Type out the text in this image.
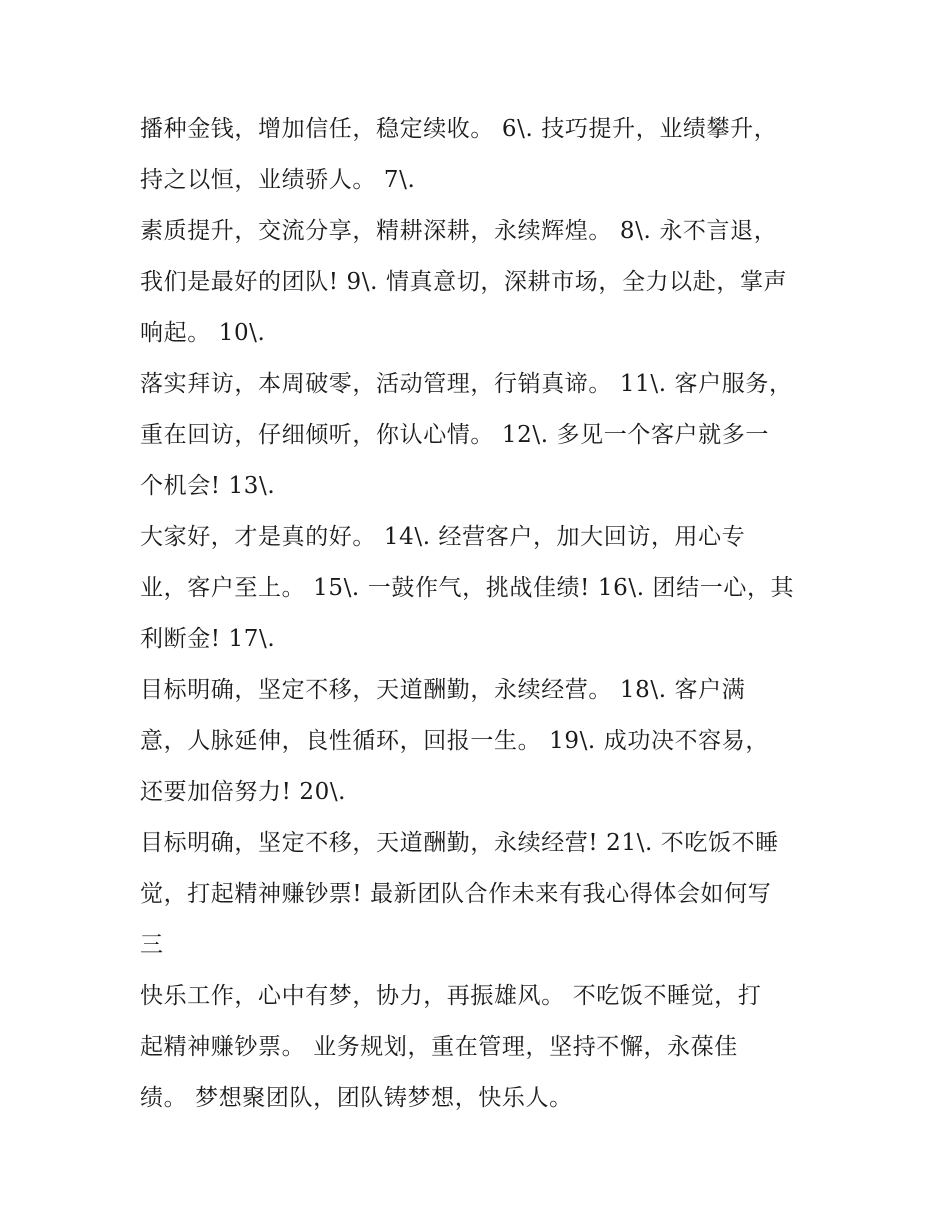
播种金钱，增加信任，稳定续收。 6\. 技巧提升，业绩攀升，
持之以恒，业绩骄人。 7\.
素质提升，交流分享，精耕深耕，永续辉煌。 8\. 永不言退，
我们是最好的团队! 9\. 情真意切，深耕市场，全力以赴，掌声
响起。 10\.
落实拜访，本周破零，活动管理，行销真谛。 11\. 客户服务，
重在回访，仔细倾听，你认心情。 12\. 多见一个客户就多一
个机会! 13\.
大家好，才是真的好。 14\. 经营客户，加大回访，用心专
业，客户至上。 15\. 一鼓作气，挑战佳绩! 16\. 团结一心，其
利断金! 17\.
目标明确，坚定不移，天道酬勤，永续经营。 18\. 客户满
意，人脉延伸，良性循环，回报一生。 19\. 成功决不容易，
还要加倍努力! 20\.
目标明确，坚定不移，天道酬勤，永续经营! 21\. 不吃饭不睡
觉，打起精神赚钞票! 最新团队合作未来有我心得体会如何写
三
快乐工作，心中有梦，协力，再振雄风。 不吃饭不睡觉，打
起精神赚钞票。 业务规划，重在管理，坚持不懈，永葆佳
绩。 梦想聚团队，团队铸梦想，快乐人。
